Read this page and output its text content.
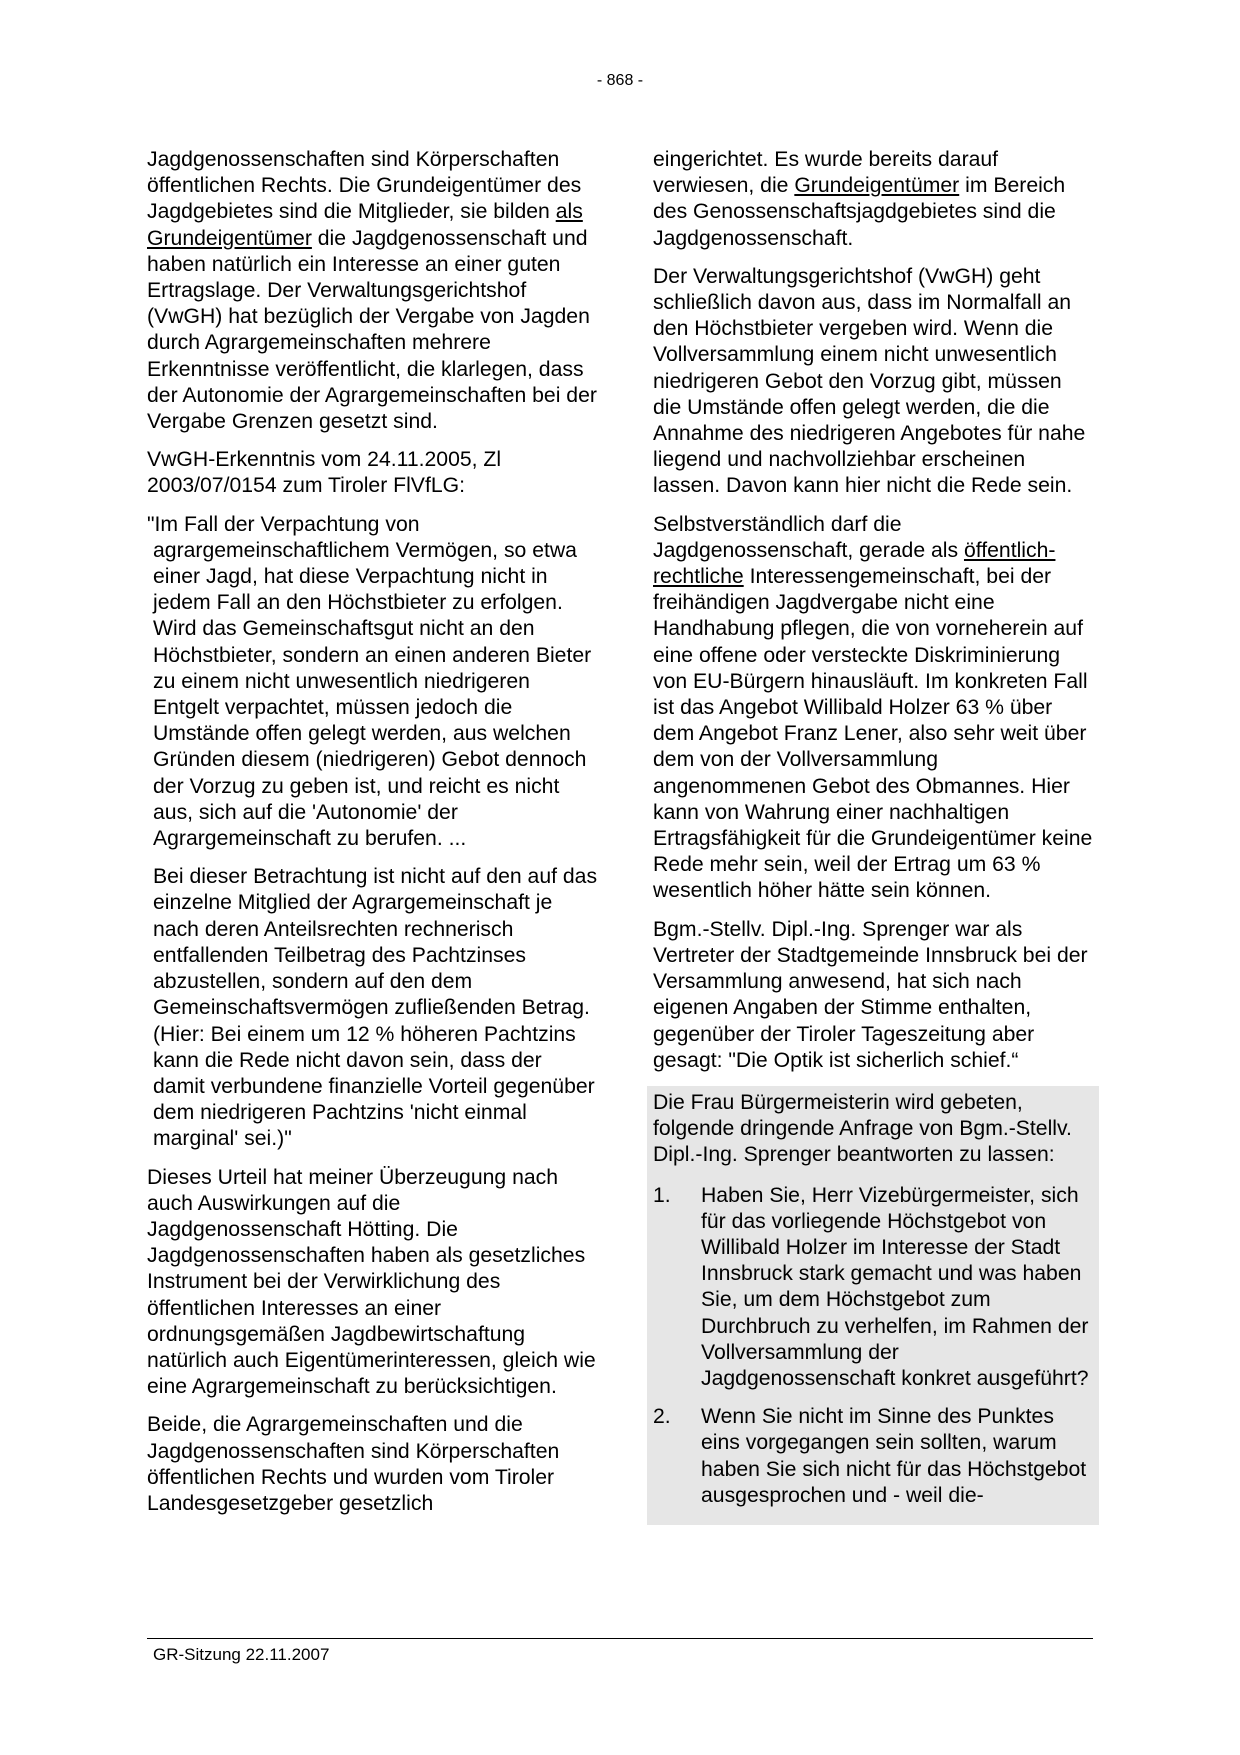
- 868 -

Jagdgenossenschaften sind Körperschaften öffentlichen Rechts. Die Grundeigentümer des Jagdgebietes sind die Mitglieder, sie bilden als Grundeigentümer die Jagdgenossenschaft und haben natürlich ein Interesse an einer guten Ertragslage. Der Verwaltungsgerichtshof (VwGH) hat bezüglich der Vergabe von Jagden durch Agrargemeinschaften mehrere Erkenntnisse veröffentlicht, die klarlegen, dass der Autonomie der Agrargemeinschaften bei der Vergabe Grenzen gesetzt sind.

VwGH-Erkenntnis vom 24.11.2005, Zl 2003/07/0154 zum Tiroler FlVfLG:

"Im Fall der Verpachtung von agrargemeinschaftlichem Vermögen, so etwa einer Jagd, hat diese Verpachtung nicht in jedem Fall an den Höchstbieter zu erfolgen. Wird das Gemeinschaftsgut nicht an den Höchstbieter, sondern an einen anderen Bieter zu einem nicht unwesentlich niedrigeren Entgelt verpachtet, müssen jedoch die Umstände offen gelegt werden, aus welchen Gründen diesem (niedrigeren) Gebot dennoch der Vorzug zu geben ist, und reicht es nicht aus, sich auf die 'Autonomie' der Agrargemeinschaft zu berufen. ...

Bei dieser Betrachtung ist nicht auf den auf das einzelne Mitglied der Agrargemeinschaft je nach deren Anteilsrechten rechnerisch entfallenden Teilbetrag des Pachtzinses abzustellen, sondern auf den dem Gemeinschaftsvermögen zufließenden Betrag. (Hier: Bei einem um 12 % höheren Pachtzins kann die Rede nicht davon sein, dass der damit verbundene finanzielle Vorteil gegenüber dem niedrigeren Pachtzins 'nicht einmal marginal' sei.)"

Dieses Urteil hat meiner Überzeugung nach auch Auswirkungen auf die Jagdgenossenschaft Hötting. Die Jagdgenossenschaften haben als gesetzliches Instrument bei der Verwirklichung des öffentlichen Interesses an einer ordnungsgemäßen Jagdbewirtschaftung natürlich auch Eigentümerinteressen, gleich wie eine Agrargemeinschaft zu berücksichtigen.

Beide, die Agrargemeinschaften und die Jagdgenossenschaften sind Körperschaften öffentlichen Rechts und wurden vom Tiroler Landesgesetzgeber gesetzlich

eingerichtet. Es wurde bereits darauf verwiesen, die Grundeigentümer im Bereich des Genossenschaftsjagdgebietes sind die Jagdgenossenschaft.

Der Verwaltungsgerichtshof (VwGH) geht schließlich davon aus, dass im Normalfall an den Höchstbieter vergeben wird. Wenn die Vollversammlung einem nicht unwesentlich niedrigeren Gebot den Vorzug gibt, müssen die Umstände offen gelegt werden, die die Annahme des niedrigeren Angebotes für nahe liegend und nachvollziehbar erscheinen lassen. Davon kann hier nicht die Rede sein.

Selbstverständlich darf die Jagdgenossenschaft, gerade als öffentlich-rechtliche Interessengemeinschaft, bei der freihändigen Jagdvergabe nicht eine Handhabung pflegen, die von vorneherein auf eine offene oder versteckte Diskriminierung von EU-Bürgern hinausläuft. Im konkreten Fall ist das Angebot Willibald Holzer 63 % über dem Angebot Franz Lener, also sehr weit über dem von der Vollversammlung angenommenen Gebot des Obmannes. Hier kann von Wahrung einer nachhaltigen Ertragsfähigkeit für die Grundeigentümer keine Rede mehr sein, weil der Ertrag um 63 % wesentlich höher hätte sein können.

Bgm.-Stellv. Dipl.-Ing. Sprenger war als Vertreter der Stadtgemeinde Innsbruck bei der Versammlung anwesend, hat sich nach eigenen Angaben der Stimme enthalten, gegenüber der Tiroler Tageszeitung aber gesagt: "Die Optik ist sicherlich schief.“

Die Frau Bürgermeisterin wird gebeten, folgende dringende Anfrage von Bgm.-Stellv. Dipl.-Ing. Sprenger beantworten zu lassen:

1. Haben Sie, Herr Vizebürgermeister, sich für das vorliegende Höchstgebot von Willibald Holzer im Interesse der Stadt Innsbruck stark gemacht und was haben Sie, um dem Höchstgebot zum Durchbruch zu verhelfen, im Rahmen der Vollversammlung der Jagdgenossenschaft konkret ausgeführt?
2. Wenn Sie nicht im Sinne des Punktes eins vorgegangen sein sollten, warum haben Sie sich nicht für das Höchstgebot ausgesprochen und - weil die-
GR-Sitzung 22.11.2007
